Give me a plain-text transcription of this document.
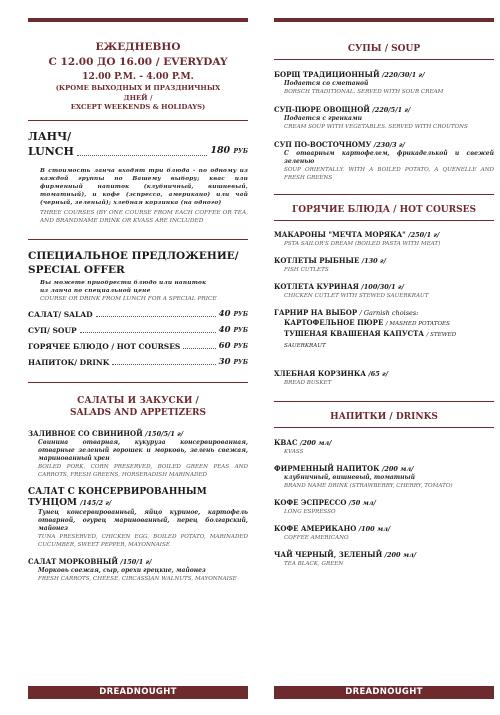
ЕЖЕДНЕВНО
С 12.00 ДО 16.00 / EVERYDAY
12.00 P.M. - 4.00 P.M.
(КРОМЕ ВЫХОДНЫХ И ПРАЗДНИЧНЫХ
ДНЕЙ /
EXCEPT WEEKENDS & HOLIDAYS)
ЛАНЧ/
LUNCH	180 РУБ
В стоимость ланча входят три блюда - по одному из каждой группы по Вашему выбору; квас или фирменный напиток (клубничный, вишневый, томатный), и кофе (эспрессо, американо) или чай (черный, зеленый); хлебная корзинка (на одного)
THREE COURSES (BY ONE COURSE FROM EACH COFFEE OR TEA, AND BRANDNAME DRINK OR KVASS ARE INCLUDED
СПЕЦИАЛЬНОЕ ПРЕДЛОЖЕНИЕ/
SPECIAL OFFER
Вы можете приобрести блюдо или напиток
из ланча по специальной цене
COURSE OR DRINK FROM LUNCH FOR A SPECIAL PRICE
САЛАТ/ SALAD	40 РУБ
СУП/ SOUP	40 РУБ
ГОРЯЧЕЕ БЛЮДО / HOT COURSES	60 РУБ
НАПИТОК/ DRINK	30 РУБ
САЛАТЫ И ЗАКУСКИ /
SALADS AND APPETIZERS
ЗАЛИВНОЕ СО СВИНИНОЙ /150/5/1 г/
Свинина отварная, кукуруза консервированная, отварные зеленый горошек и морковь, зелень свежая, маринованный хрен
BOILED PORK, CORN PRESERVED, BOILED GREEN PEAS AND CARROTS, FRESH GREENS, HORSERADISH MARINADED
САЛАТ С КОНСЕРВИРОВАННЫМ ТУНЦОМ /145/2 г/
Тунец консервированный, яйцо куриное, картофель отварной, огурец маринованный, перец болгарский, майонез
TUNA PRESERVED, CHICKEN EGG, BOILED POTATO, MARINADED CUCUMBER, SWEET PEPPER, MAYONNAISE
САЛАТ МОРКОВНЫЙ /150/1 г/
Морковь свежая, сыр, орехи грецкие, майонез
FRESH CARROTS, CHEESE, CIRCASSIAN WALNUTS, MAYONNAISE
DREADNOUGHT
СУПЫ / SOUP
БОРЩ ТРАДИЦИОННЫЙ /220/30/1 г/
Подается со сметаной
BORSCH TRADITIONAL. SERVED WITH SOUR CREAM
СУП-ПЮРЕ ОВОЩНОЙ /220/5/1 г/
Подается с гренками
CREAM SOUP WITH VEGETABLES. SERVED WITH CROUTONS
СУП ПО-ВОСТОЧНОМУ /230/3 г/
С отварным картофелем, фрикаделькой и свежей зеленью
SOUP ORIENTALLY. WITH A BOILED POTATO, A QUENELLE AND FRESH GREENS
ГОРЯЧИЕ БЛЮДА / HOT COURSES
МАКАРОНЫ "МЕЧТА МОРЯКА" /250/1 г/
PSTA SAILOR'S DREAM (BOILED PASTA WITH MEAT)
КОТЛЕТЫ РЫБНЫЕ /130 г/
FISH CUTLETS
КОТЛЕТА КУРИНАЯ /100/30/1 г/
CHICKEN CUTLET WITH STEWED SAUERKRAUT
ГАРНИР НА ВЫБОР / Garnish choises:
КАРТОФЕЛЬНОЕ ПЮРЕ / MASHED POTATOES
ТУШЕНАЯ КВАШЕНАЯ КАПУСТА / STEWED SAUERKRAUT
ХЛЕБНАЯ КОРЗИНКА /65 г/
BREAD BUSKET
НАПИТКИ / DRINKS
КВАС /200 мл/
KVASS
ФИРМЕННЫЙ НАПИТОК /200 мл/
клубничный, вишневый, томатный
BRAND NAME DRINK (STRAWBERRY, CHERRY, TOMATO)
КОФЕ ЭСПРЕССО /50 мл/
LONG ESPRESSO
КОФЕ АМЕРИКАНО /100 мл/
COFFEE AMERICANO
ЧАЙ ЧЕРНЫЙ, ЗЕЛЕНЫЙ /200 мл/
TEA BLACK, GREEN
DREADNOUGHT
